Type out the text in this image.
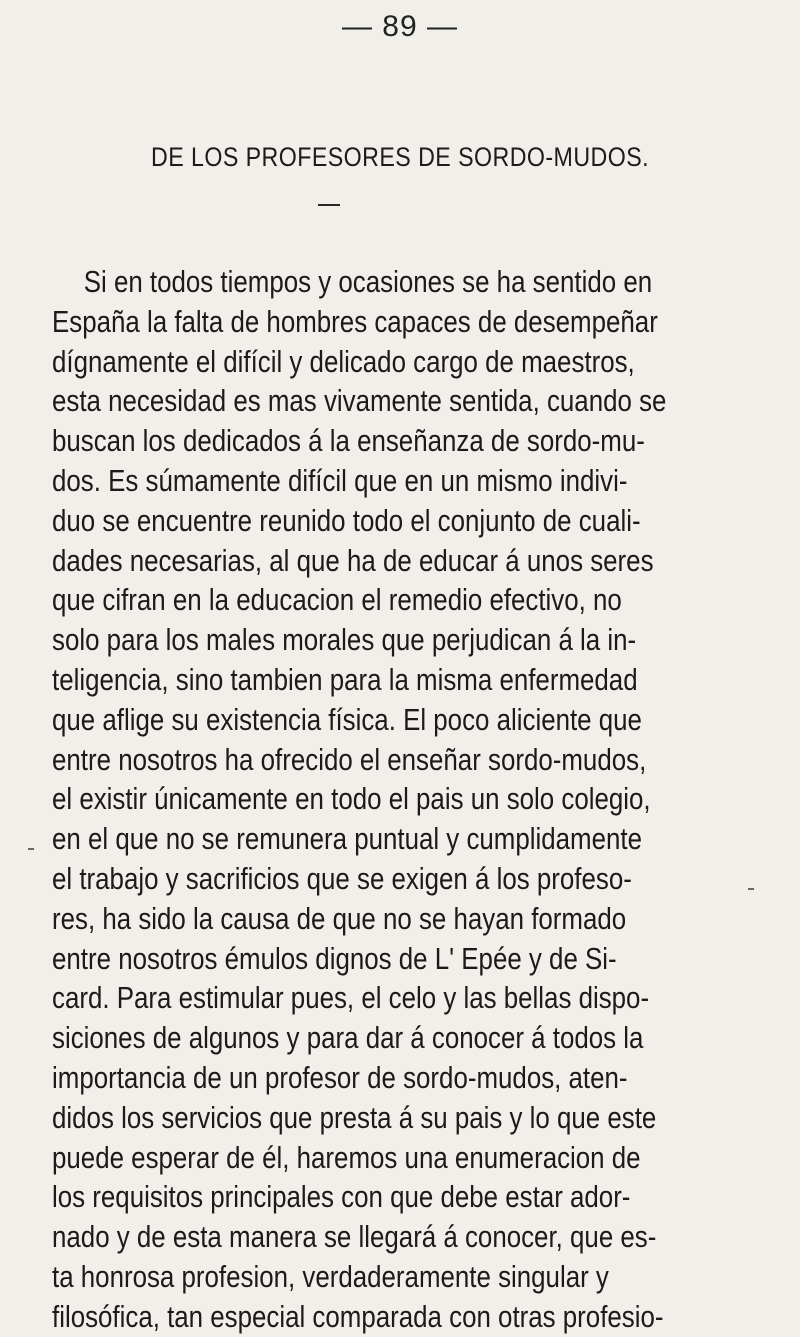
— 89 —
DE LOS PROFESORES DE SORDO-MUDOS.
Si en todos tiempos y ocasiones se ha sentido en
España la falta de hombres capaces de desempeñar
dígnamente el difícil y delicado cargo de maestros,
esta necesidad es mas vivamente sentida, cuando se
buscan los dedicados á la enseñanza de sordo-mu-
dos. Es súmamente difícil que en un mismo indivi-
duo se encuentre reunido todo el conjunto de cuali-
dades necesarias, al que ha de educar á unos seres
que cifran en la educacion el remedio efectivo, no
solo para los males morales que perjudican á la in-
teligencia, sino tambien para la misma enfermedad
que aflige su existencia física. El poco aliciente que
entre nosotros ha ofrecido el enseñar sordo-mudos,
el existir únicamente en todo el pais un solo colegio,
en el que no se remunera puntual y cumplidamente
el trabajo y sacrificios que se exigen á los profeso-
res, ha sido la causa de que no se hayan formado
entre nosotros émulos dignos de L' Epée y de Si-
card. Para estimular pues, el celo y las bellas dispo-
siciones de algunos y para dar á conocer á todos la
importancia de un profesor de sordo-mudos, aten-
didos los servicios que presta á su pais y lo que este
puede esperar de él, haremos una enumeracion de
los requisitos principales con que debe estar ador-
nado y de esta manera se llegará á conocer, que es-
ta honrosa profesion, verdaderamente singular y
filosófica, tan especial comparada con otras profesio-
